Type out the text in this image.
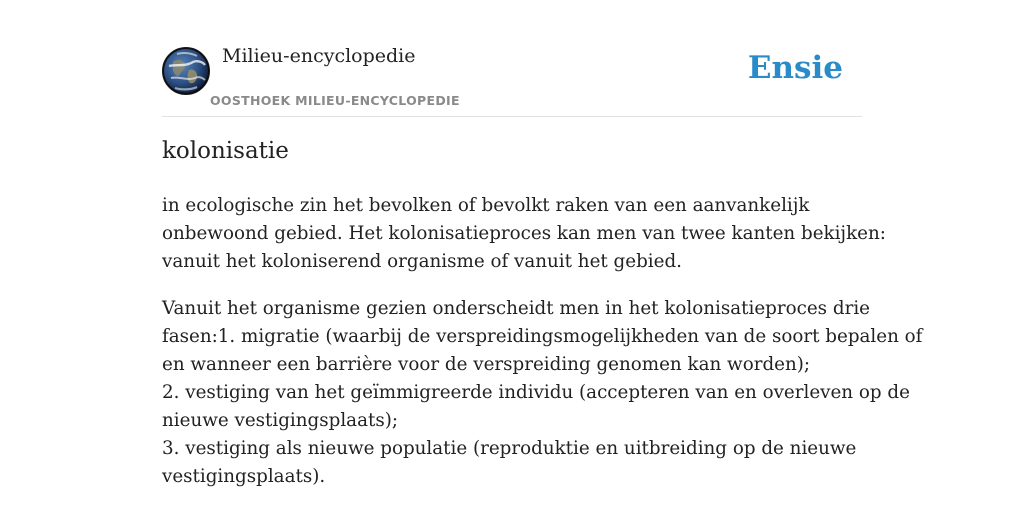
Milieu-encyclopedie
OOSTHOEK MILIEU-ENCYCLOPEDIE
Ensie
kolonisatie

in ecologische zin het bevolken of bevolkt raken van een aanvankelijk
onbewoond gebied. Het kolonisatieproces kan men van twee kanten bekijken:
vanuit het koloniserend organisme of vanuit het gebied.

Vanuit het organisme gezien onderscheidt men in het kolonisatieproces drie
fasen:1. migratie (waarbij de verspreidingsmogelijkheden van de soort bepalen of
en wanneer een barrière voor de verspreiding genomen kan worden);
2. vestiging van het geïmmigreerde individu (accepteren van en overleven op de
nieuwe vestigingsplaats);
3. vestiging als nieuwe populatie (reproduktie en uitbreiding op de nieuwe
vestigingsplaats).
